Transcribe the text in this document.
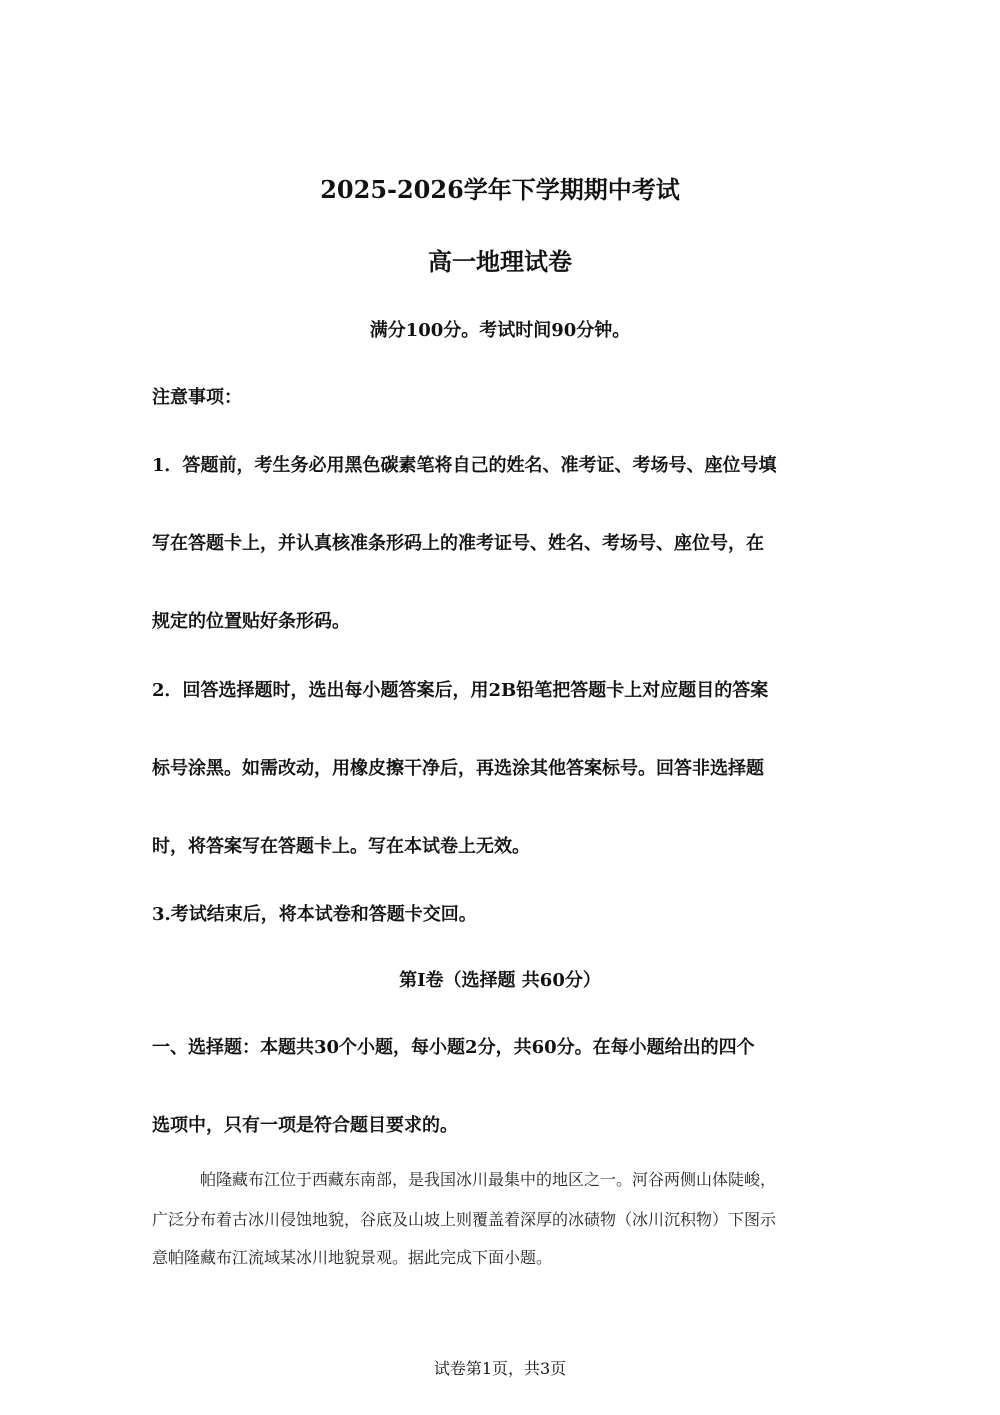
2025-2026学年下学期期中考试
高一地理试卷
满分100分。考试时间90分钟。
注意事项：
1．答题前，考生务必用黑色碳素笔将自己的姓名、准考证、考场号、座位号填
写在答题卡上，并认真核准条形码上的准考证号、姓名、考场号、座位号，在
规定的位置贴好条形码。
2．回答选择题时，选出每小题答案后，用2B铅笔把答题卡上对应题目的答案
标号涂黑。如需改动，用橡皮擦干净后，再选涂其他答案标号。回答非选择题
时，将答案写在答题卡上。写在本试卷上无效。
3.考试结束后，将本试卷和答题卡交回。
第I卷（选择题 共60分）
一、选择题：本题共30个小题，每小题2分，共60分。在每小题给出的四个
选项中，只有一项是符合题目要求的。
帕隆藏布江位于西藏东南部，是我国冰川最集中的地区之一。河谷两侧山体陡峻，
广泛分布着古冰川侵蚀地貌，谷底及山坡上则覆盖着深厚的冰碛物（冰川沉积物）下图示
意帕隆藏布江流域某冰川地貌景观。据此完成下面小题。
试卷第1页，共3页
